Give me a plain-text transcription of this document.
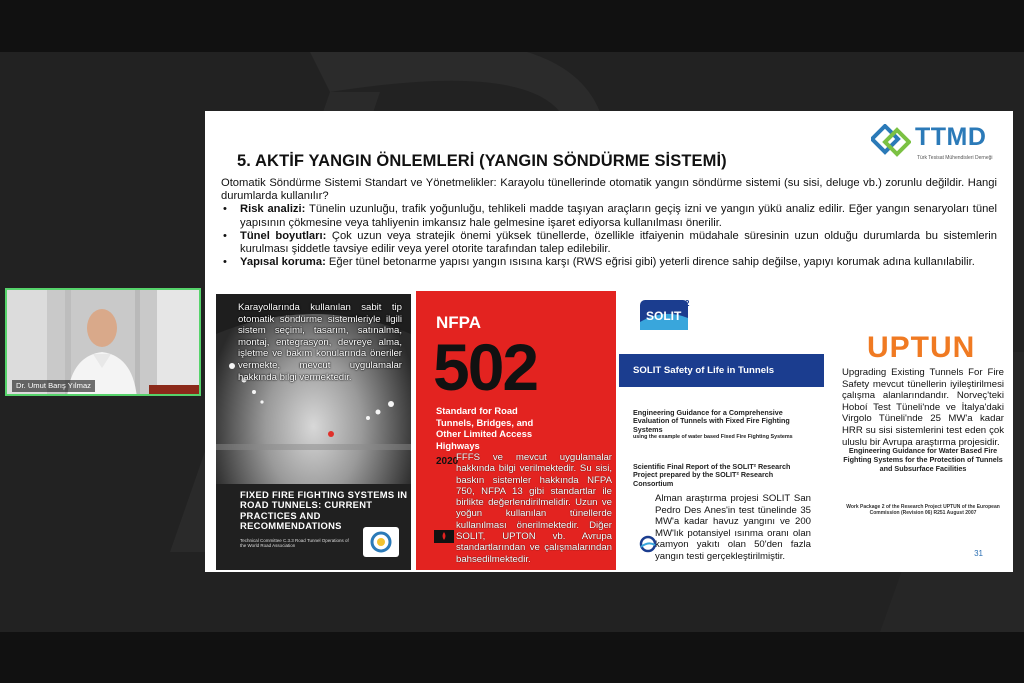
TTMD
Türk Tesisat Mühendisleri Derneği
5. AKTİF YANGIN ÖNLEMLERİ (YANGIN SÖNDÜRME SİSTEMİ)

Otomatik Söndürme Sistemi Standart ve Yönetmelikler: Karayolu tünellerinde otomatik yangın söndürme sistemi (su sisi, deluge vb.) zorunlu değildir. Hangi durumlarda kullanılır?

• Risk analizi: Tünelin uzunluğu, trafik yoğunluğu, tehlikeli madde taşıyan araçların geçiş izni ve yangın yükü analiz edilir. Eğer yangın senaryoları tünel yapısının çökmesine veya tahliyenin imkansız hale gelmesine işaret ediyorsa kullanılması önerilir.
• Tünel boyutları: Çok uzun veya stratejik önemi yüksek tünellerde, özellikle itfaiyenin müdahale süresinin uzun olduğu durumlarda bu sistemlerin kurulması şiddetle tavsiye edilir veya yerel otorite tarafından talep edilebilir.
• Yapısal koruma: Eğer tünel betonarme yapısı yangın ısısına karşı (RWS eğrisi gibi) yeterli dirence sahip değilse, yapıyı korumak adına kullanılabilir.
Karayollarında kullanılan sabit tip otomatik söndürme sistemleriyle ilgili sistem seçimi, tasarım, satınalma, montaj, entegrasyon, devreye alma, işletme ve bakım konularında öneriler vermekte, mevcut uygulamalar hakkında bilgi vermektedir.
FIXED FIRE FIGHTING SYSTEMS IN ROAD TUNNELS: CURRENT PRACTICES AND RECOMMENDATIONS
Technical Committee C.3.3 Road Tunnel Operations of the World Road Association
NFPA
502
Standard for Road Tunnels, Bridges, and Other Limited Access Highways
2020
FFFS ve mevcut uygulamalar hakkında bilgi verilmektedir. Su sisi, baskın sistemler hakkında NFPA 750, NFPA 13 gibi standartlar ile birlikte değerlendirilmelidir. Uzun ve yoğun kullanılan tünellerde kullanılması önerilmektedir. Diğer SOLIT, UPTON vb. Avrupa standartlarından ve çalışmalarından bahsedilmektedir.
SOLIT
2
SOLIT Safety of Life in Tunnels
Engineering Guidance for a Comprehensive Evaluation of Tunnels with Fixed Fire Fighting Systems
using the example of water based Fixed Fire Fighting Systems
Scientific Final Report of the SOLIT² Research Project prepared by the SOLIT² Research Consortium
Alman araştırma projesi SOLIT San Pedro Des Anes'in test tünelinde 35 MW'a kadar havuz yangını ve 200 MW'lık potansiyel ısınma oranı olan kamyon yakıtı olan 50'den fazla yangın testi gerçekleştirilmiştir.
UPTUN
Upgrading Existing Tunnels For Fire Safety mevcut tünellerin iyileştirilmesi çalışma alanlarındandır. Norveç'teki Hoboí Test Tüneli'nde ve İtalya'daki Virgolo Tüneli'nde 25 MW'a kadar HRR su sisi sistemlerini test eden çok uluslu bir Avrupa araştırma projesidir.
Engineering Guidance for Water Based Fire Fighting Systems for the Protection of Tunnels and Subsurface Facilities
Work Package 2 of the Research Project UPTUN of the European Commission (Revision 06) R251 August 2007
31
Dr. Umut Barış Yılmaz
